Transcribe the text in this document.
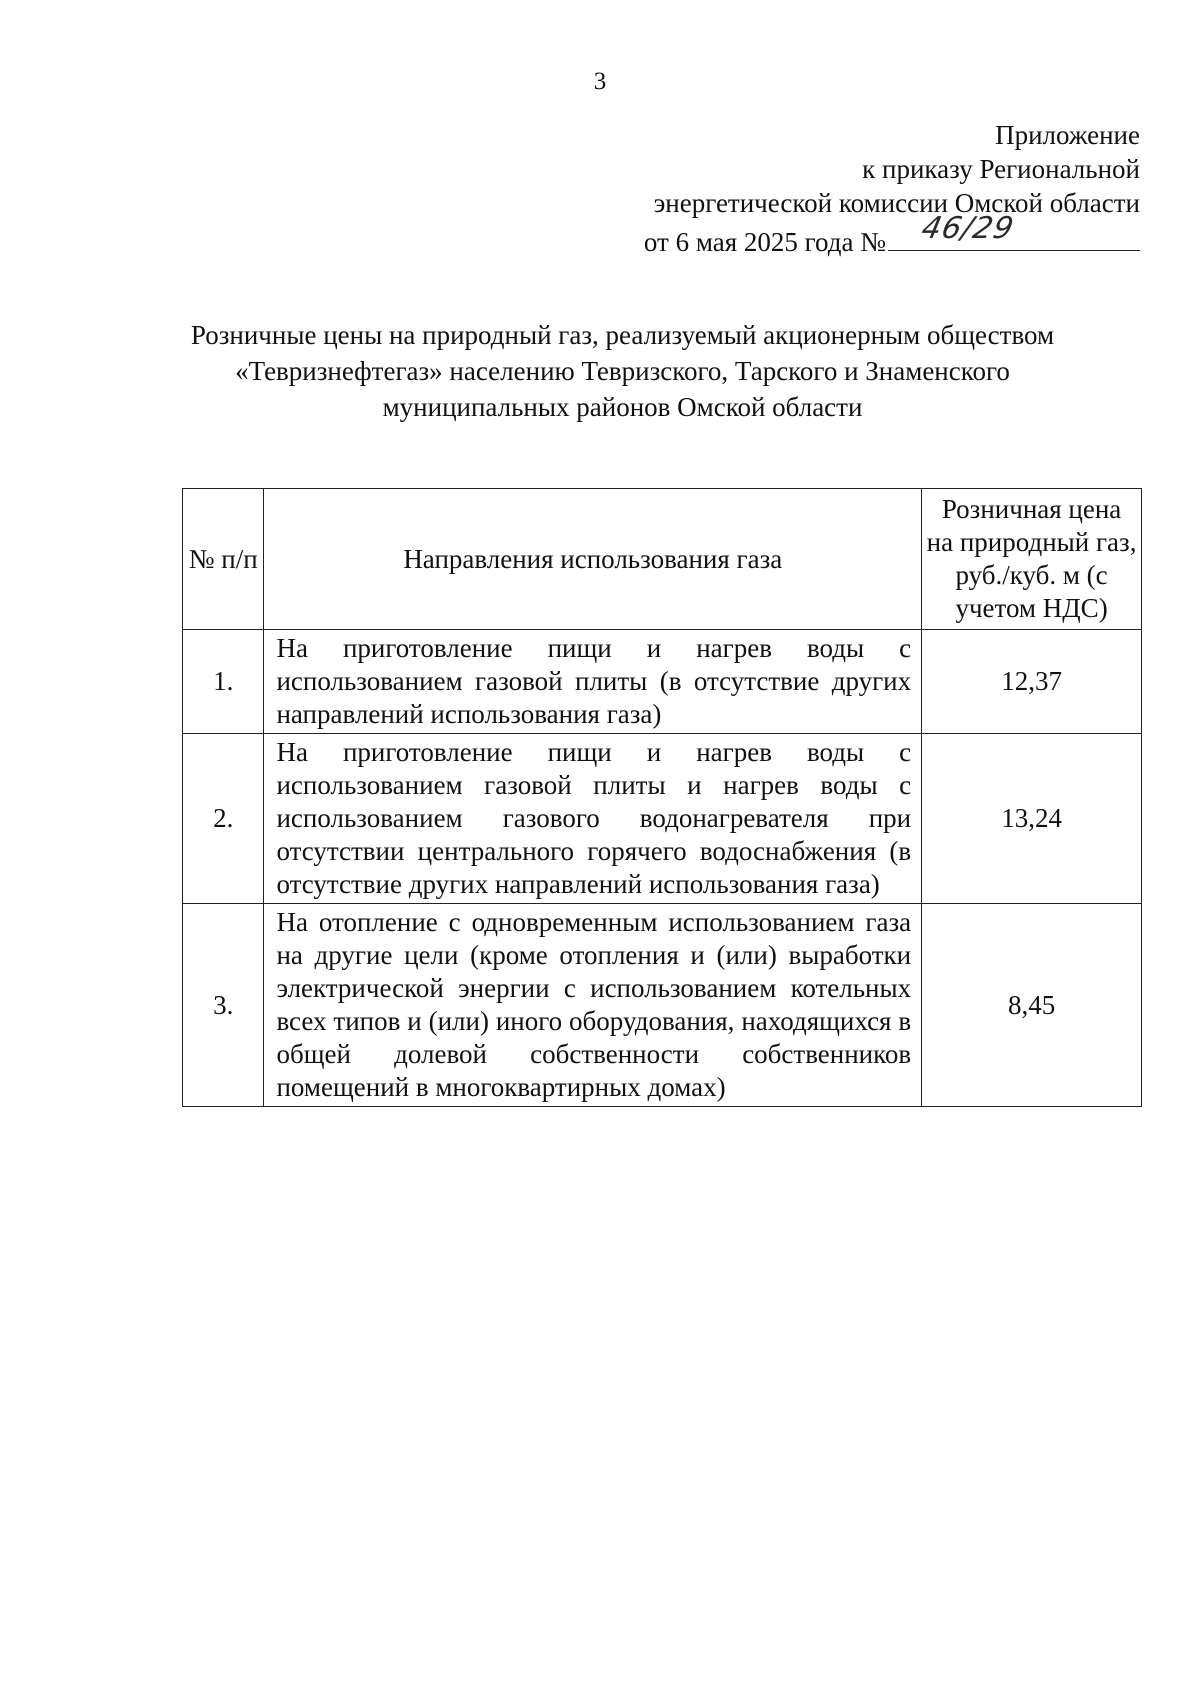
3
Приложение
к приказу Региональной
энергетической комиссии Омской области
от 6 мая 2025 года № 46/29
Розничные цены на природный газ, реализуемый акционерным обществом
«Тевризнефтегаз» населению Тевризского, Тарского и Знаменского
муниципальных районов Омской области
№ п/п	Направления использования газа	Розничная цена на природный газ, руб./куб. м (с учетом НДС)
1.	На приготовление пищи и нагрев воды с использованием газовой плиты (в отсутствие других направлений использования газа)	12,37
2.	На приготовление пищи и нагрев воды с использованием газовой плиты и нагрев воды с использованием газового водонагревателя при отсутствии центрального горячего водоснабжения (в отсутствие других направлений использования газа)	13,24
3.	На отопление с одновременным использованием газа на другие цели (кроме отопления и (или) выработки электрической энергии с использованием котельных всех типов и (или) иного оборудования, находящихся в общей долевой собственности собственников помещений в многоквартирных домах)	8,45
